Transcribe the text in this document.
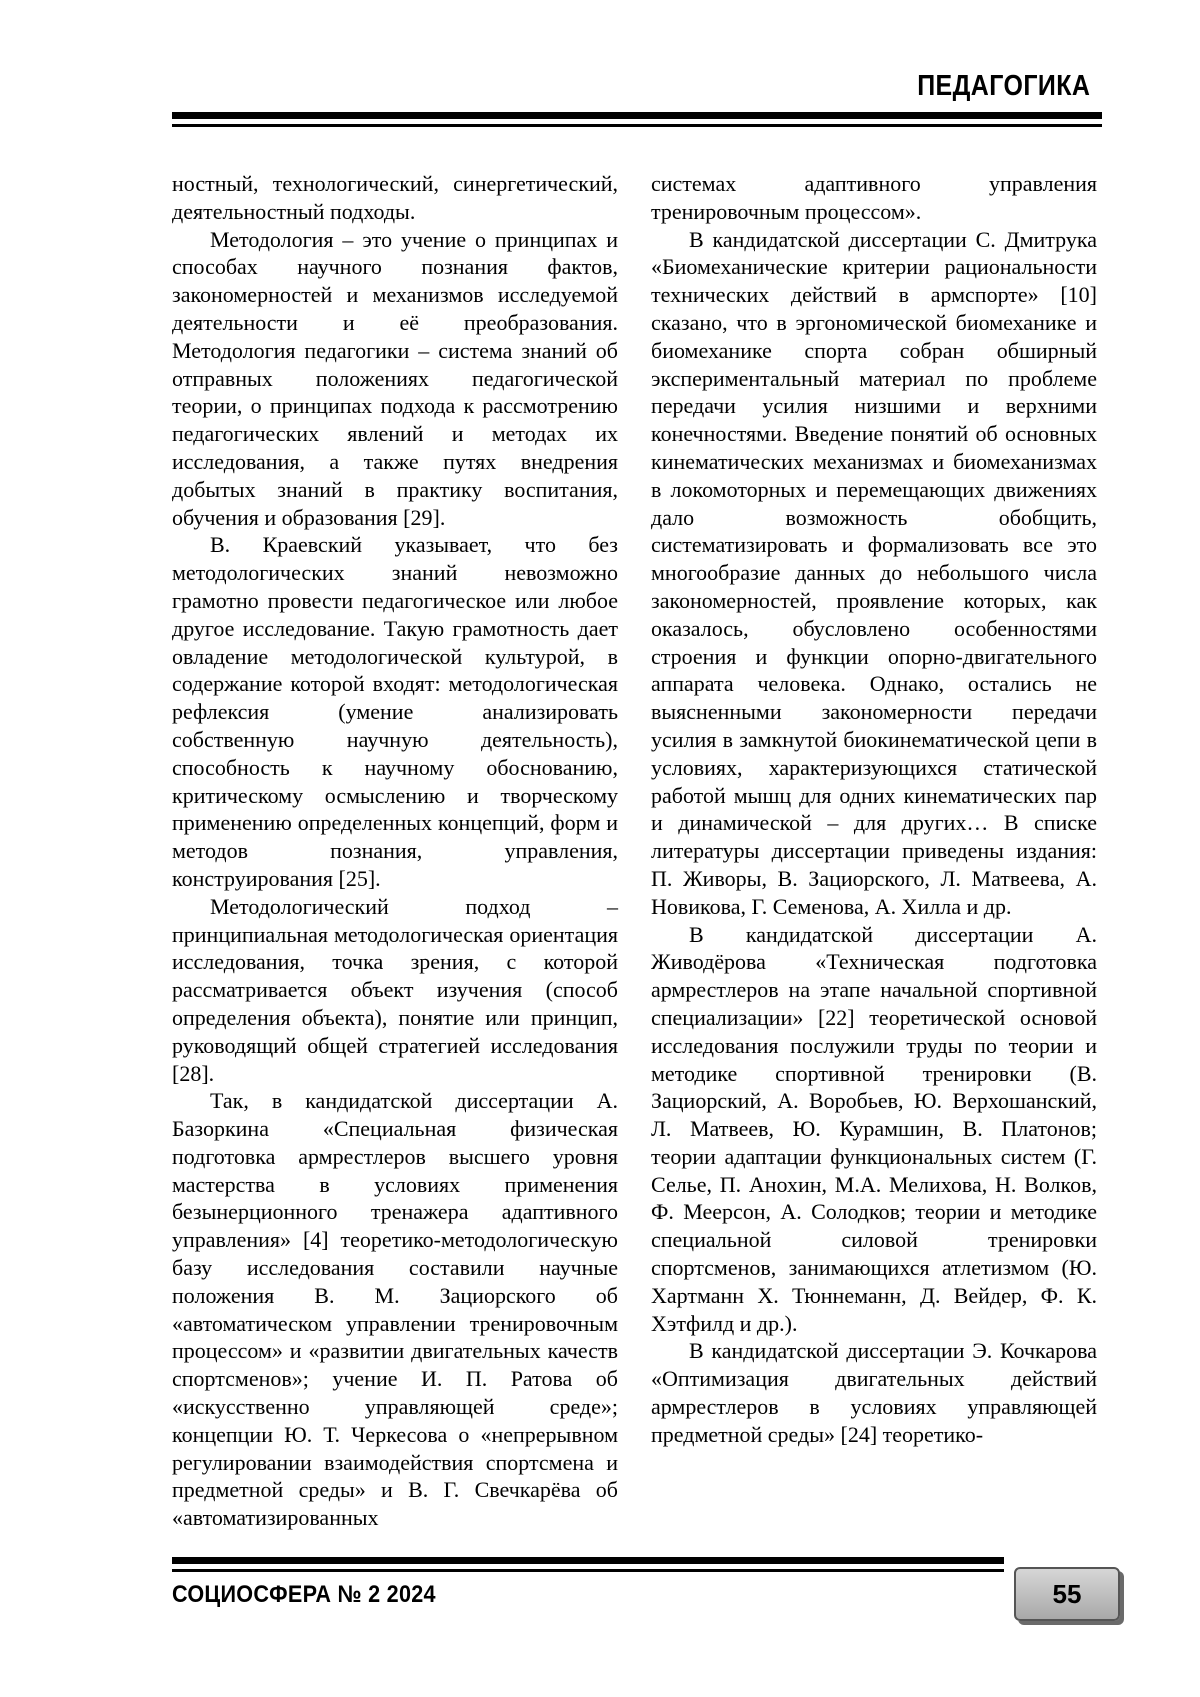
ПЕДАГОГИКА

ностный, технологический, синергетический, деятельностный подходы.

Методология – это учение о принципах и способах научного познания фактов, закономерностей и механизмов исследуемой деятельности и её преобразования. Методология педагогики – система знаний об отправных положениях педагогической теории, о принципах подхода к рассмотрению педагогических явлений и методах их исследования, а также путях внедрения добытых знаний в практику воспитания, обучения и образования [29].

В. Краевский указывает, что без методологических знаний невозможно грамотно провести педагогическое или любое другое исследование. Такую грамотность дает овладение методологической культурой, в содержание которой входят: методологическая рефлексия (умение анализировать собственную научную деятельность), способность к научному обоснованию, критическому осмыслению и творческому применению определенных концепций, форм и методов познания, управления, конструирования [25].

Методологический подход – принципиальная методологическая ориентация исследования, точка зрения, с которой рассматривается объект изучения (способ определения объекта), понятие или принцип, руководящий общей стратегией исследования [28].

Так, в кандидатской диссертации А. Базоркина «Специальная физическая подготовка армрестлеров высшего уровня мастерства в условиях применения безынерционного тренажера адаптивного управления» [4] теоретико-методологическую базу исследования составили научные положения В. М. Зациорского об «автоматическом управлении тренировочным процессом» и «развитии двигательных качеств спортсменов»; учение И. П. Ратова об «искусственно управляющей среде»; концепции Ю. Т. Черкесова о «непрерывном регулировании взаимодействия спортсмена и предметной среды» и В. Г. Свечкарёва об «автоматизированных

системах адаптивного управления тренировочным процессом».

В кандидатской диссертации С. Дмитрука «Биомеханические критерии рациональности технических действий в армспорте» [10] сказано, что в эргономической биомеханике и биомеханике спорта собран обширный экспериментальный материал по проблеме передачи усилия низшими и верхними конечностями. Введение понятий об основных кинематических механизмах и биомеханизмах в локомоторных и перемещающих движениях дало возможность обобщить, систематизировать и формализовать все это многообразие данных до небольшого числа закономерностей, проявление которых, как оказалось, обусловлено особенностями строения и функции опорно-двигательного аппарата человека. Однако, остались не выясненными закономерности передачи усилия в замкнутой биокинематической цепи в условиях, характеризующихся статической работой мышц для одних кинематических пар и динамической – для других… В списке литературы диссертации приведены издания: П. Живоры, В. Зациорского, Л. Матвеева, А. Новикова, Г. Семенова, А. Хилла и др.

В кандидатской диссертации А. Живодёрова «Техническая подготовка армрестлеров на этапе начальной спортивной специализации» [22] теоретической основой исследования послужили труды по теории и методике спортивной тренировки (В. Зациорский, А. Воробьев, Ю. Верхошанский, Л. Матвеев, Ю. Курамшин, В. Платонов; теории адаптации функциональных систем (Г. Селье, П. Анохин, М.А. Мелихова, Н. Волков, Ф. Меерсон, А. Солодков; теории и методике специальной силовой тренировки спортсменов, занимающихся атлетизмом (Ю. Хартманн Х. Тюннеманн, Д. Вейдер, Ф. К. Хэтфилд и др.).

В кандидатской диссертации Э. Кочкарова «Оптимизация двигательных действий армрестлеров в условиях управляющей предметной среды» [24] теоретико-

СОЦИОСФЕРА № 2 2024	55
